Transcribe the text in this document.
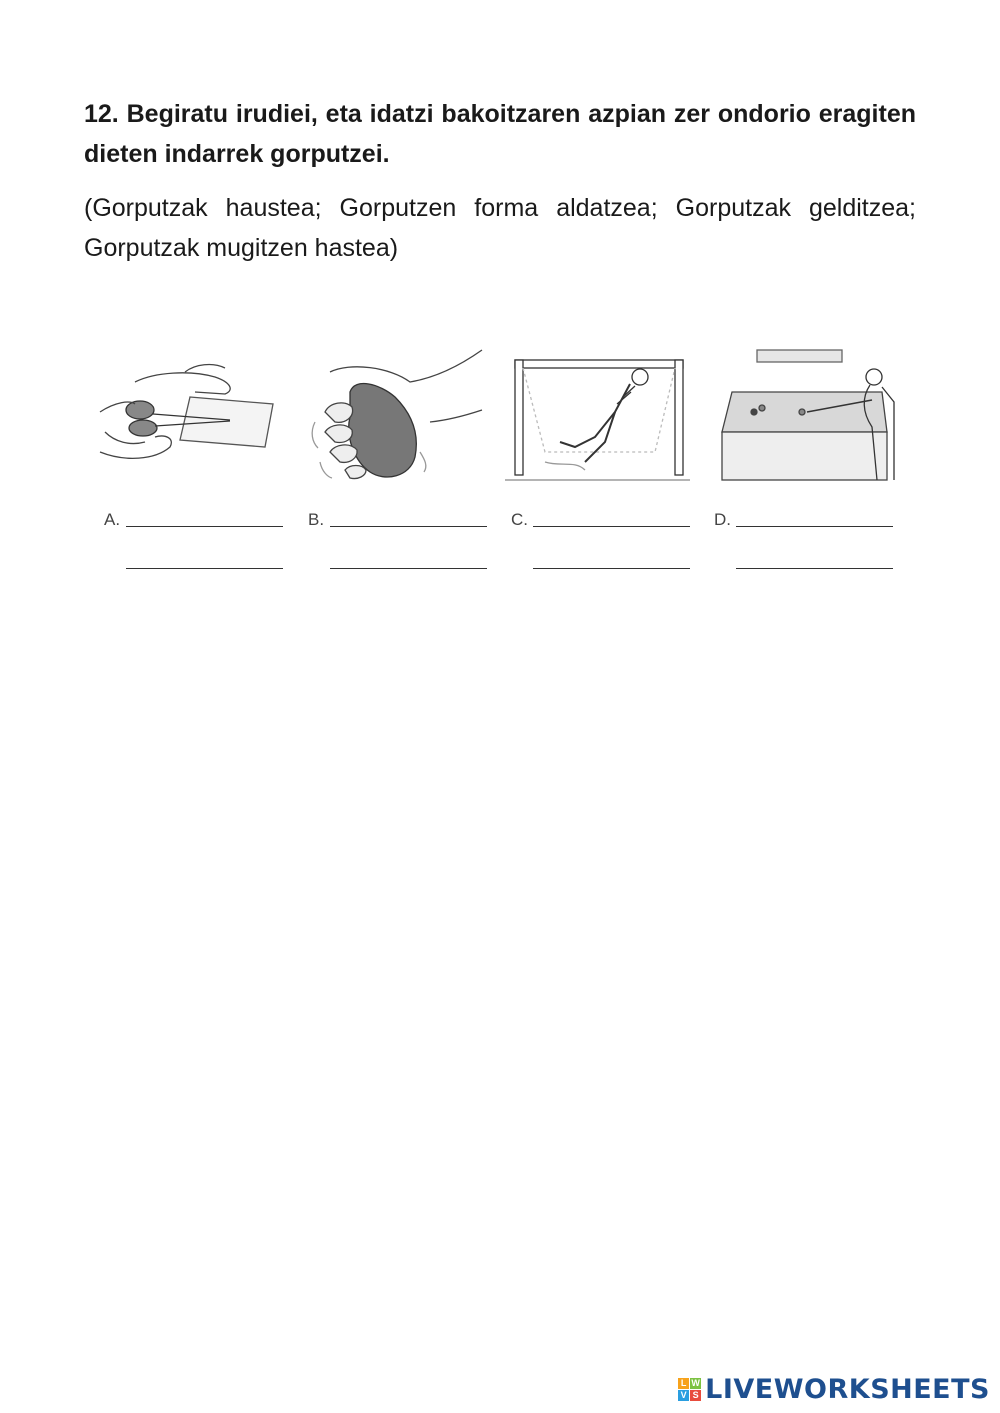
12. Begiratu irudiei, eta idatzi bakoitzaren azpian zer ondorio eragiten dieten indarrek gorputzei.
(Gorputzak haustea; Gorputzen forma aldatzea; Gorputzak gelditzea; Gorputzak mugitzen hastea)
A.	B.	C.	D.
L W
V S LIVEWORKSHEETS
